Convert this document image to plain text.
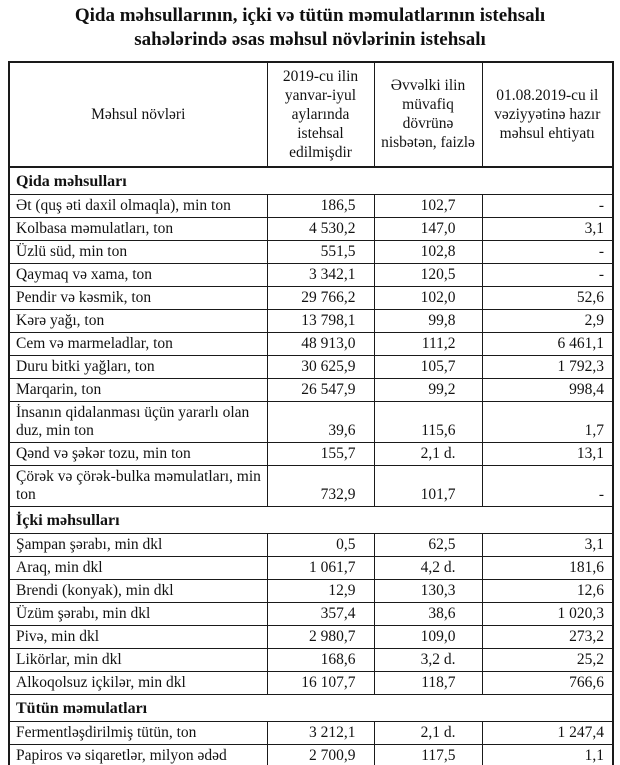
Qida məhsullarının, içki və tütün məmulatlarının istehsalı
sahələrində əsas məhsul növlərinin istehsalı
Məhsul növləri	2019-cu ilin yanvar-iyul aylarında istehsal edilmişdir	Əvvəlki ilin müvafiq dövrünə nisbətən, faizlə	01.08.2019-cu il vəziyyətinə hazır məhsul ehtiyatı
Qida məhsulları			
Ət (quş əti daxil olmaqla), min ton	186,5	102,7	-
Kolbasa məmulatları, ton	4 530,2	147,0	3,1
Üzlü süd, min ton	551,5	102,8	-
Qaymaq və xama, ton	3 342,1	120,5	-
Pendir və kəsmik, ton	29 766,2	102,0	52,6
Kərə yağı, ton	13 798,1	99,8	2,9
Cem və marmeladlar, ton	48 913,0	111,2	6 461,1
Duru bitki yağları, ton	30 625,9	105,7	1 792,3
Marqarin, ton	26 547,9	99,2	998,4
İnsanın qidalanması üçün yararlı olan duz, min ton	39,6	115,6	1,7
Qənd və şəkər tozu, min ton	155,7	2,1 d.	13,1
Çörək və çörək-bulka məmulatları, min ton	732,9	101,7	-
İçki məhsulları			
Şampan şərabı, min dkl	0,5	62,5	3,1
Araq, min dkl	1 061,7	4,2 d.	181,6
Brendi (konyak), min dkl	12,9	130,3	12,6
Üzüm şərabı, min dkl	357,4	38,6	1 020,3
Pivə, min dkl	2 980,7	109,0	273,2
Likörlar, min dkl	168,6	3,2 d.	25,2
Alkoqolsuz içkilər, min dkl	16 107,7	118,7	766,6
Tütün məmulatları			
Fermentləşdirilmiş tütün, ton	3 212,1	2,1 d.	1 247,4
Papiros və siqaretlər, milyon ədəd	2 700,9	117,5	1,1
